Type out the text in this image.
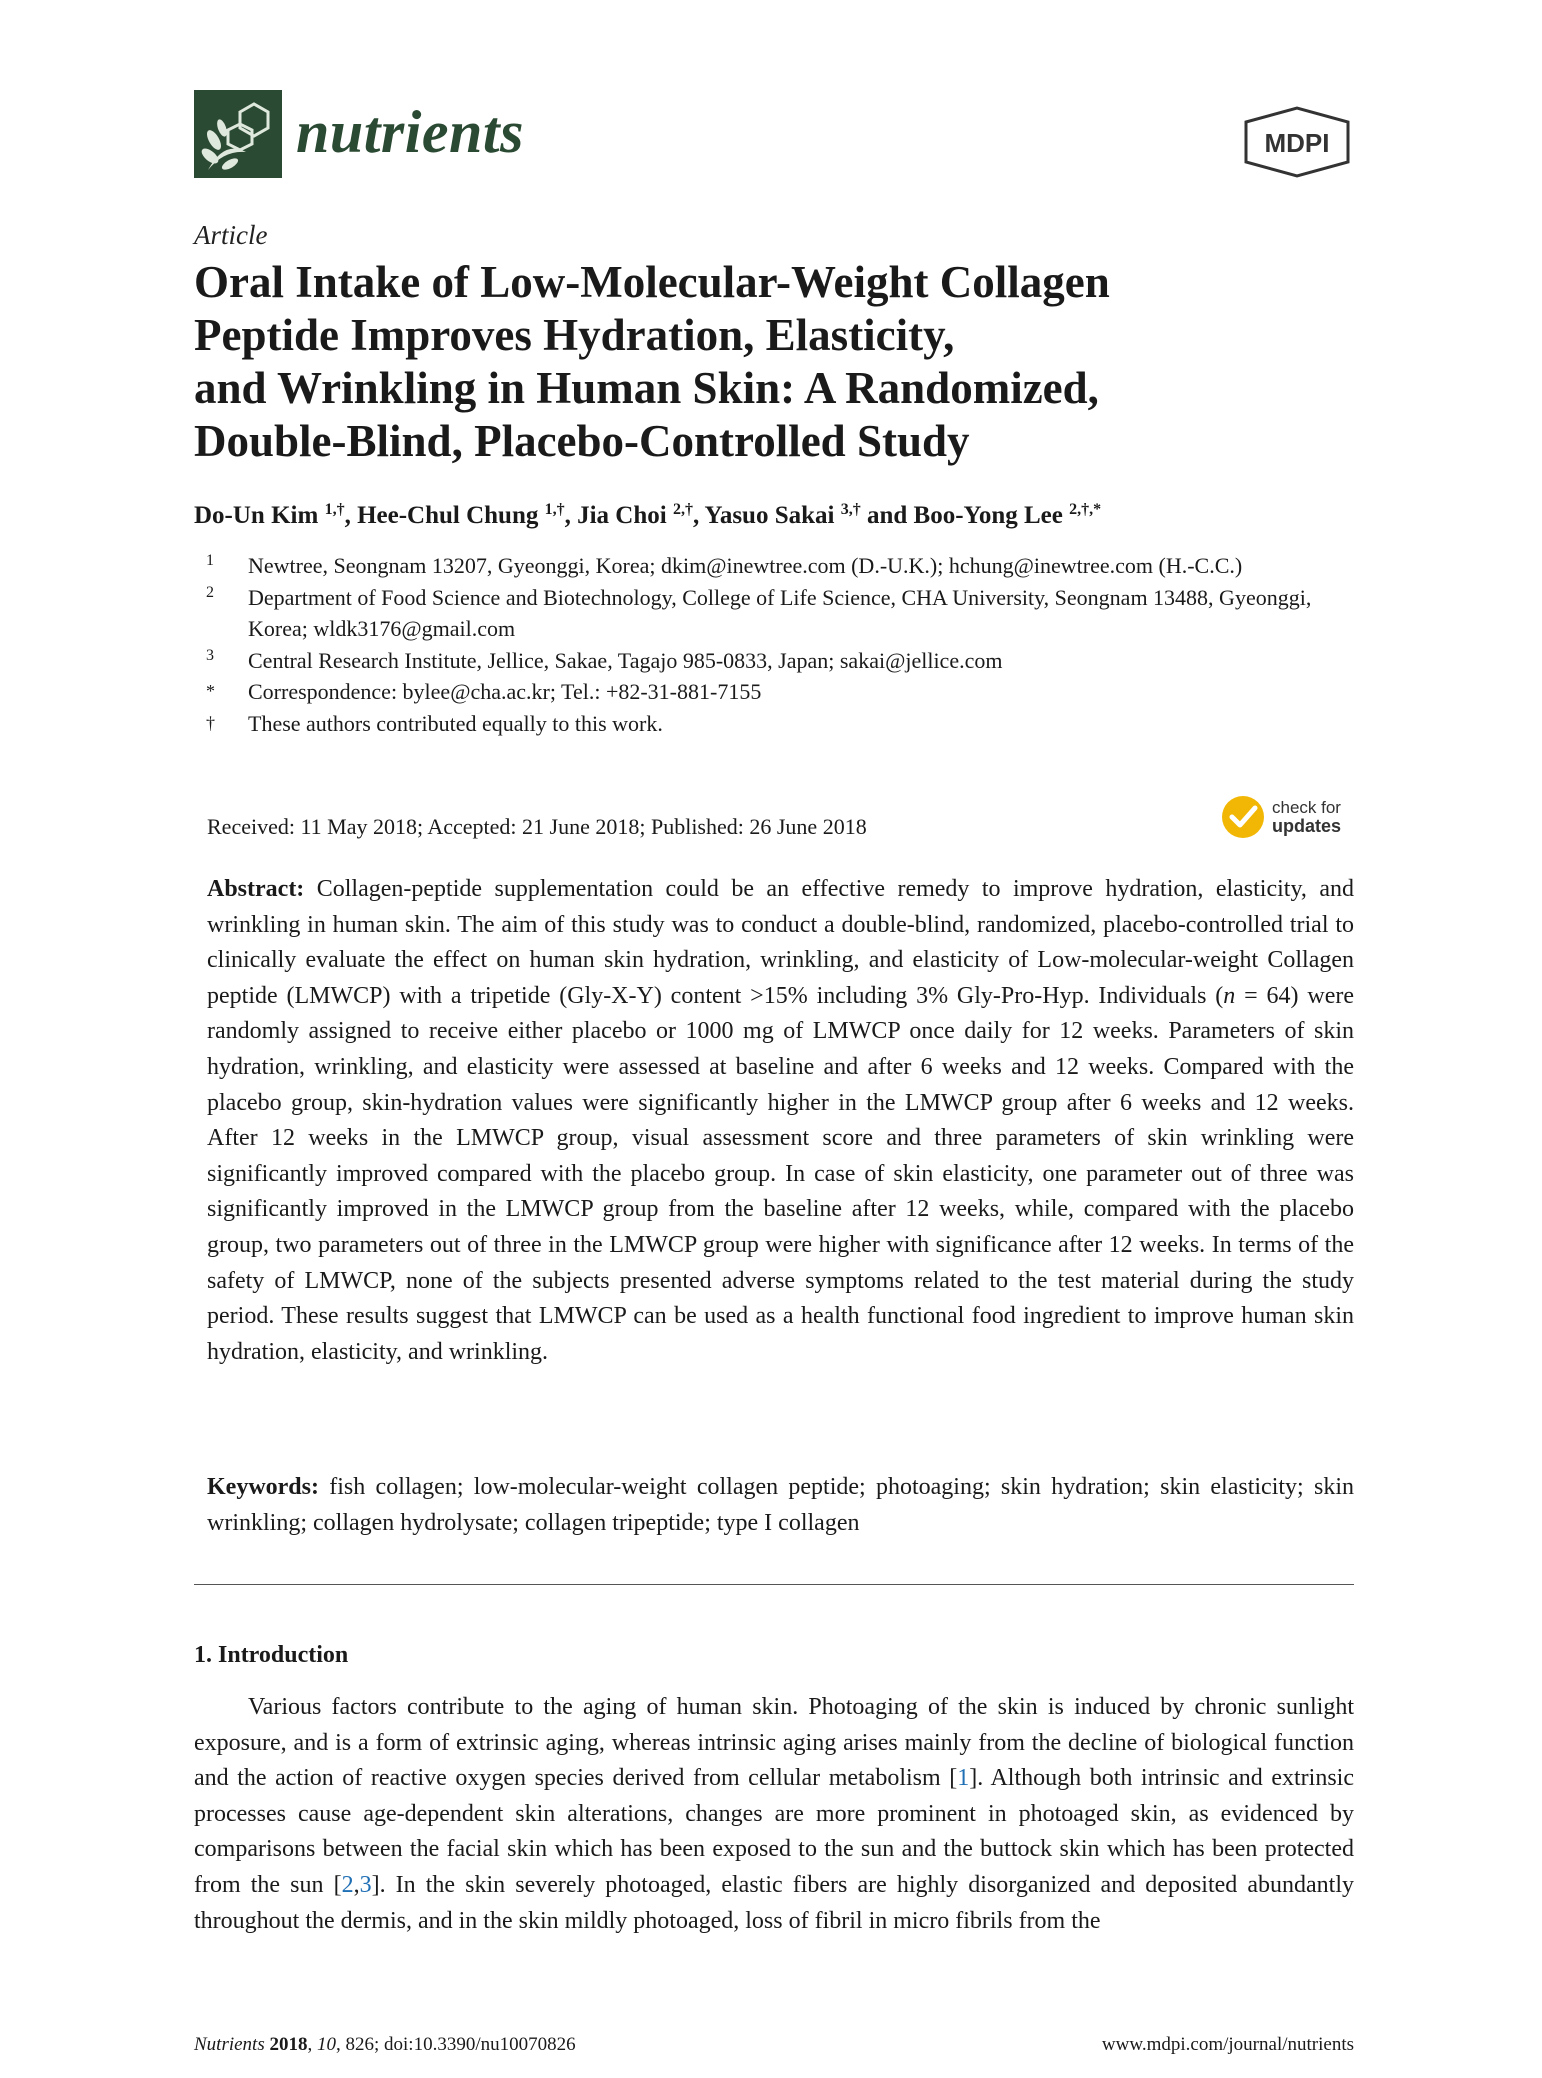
nutrients	MDPI
Article
Oral Intake of Low-Molecular-Weight Collagen
Peptide Improves Hydration, Elasticity,
and Wrinkling in Human Skin: A Randomized,
Double-Blind, Placebo-Controlled Study
Do-Un Kim $^{1,\dagger}$, Hee-Chul Chung $^{1,\dagger}$, Jia Choi $^{2,\dagger}$, Yasuo Sakai $^{3,\dagger}$ and Boo-Yong Lee $^{2,\dagger,*}$
1	Newtree, Seongnam 13207, Gyeonggi, Korea; dkim@inewtree.com (D.-U.K.); hchung@inewtree.com (H.-C.C.)
2	Department of Food Science and Biotechnology, College of Life Science, CHA University, Seongnam 13488, Gyeonggi, Korea; wldk3176@gmail.com
3	Central Research Institute, Jellice, Sakae, Tagajo 985-0833, Japan; sakai@jellice.com
*	Correspondence: bylee@cha.ac.kr; Tel.: +82-31-881-7155
†	These authors contributed equally to this work.
Received: 11 May 2018; Accepted: 21 June 2018; Published: 26 June 2018
check for
updates
Abstract: Collagen-peptide supplementation could be an effective remedy to improve hydration, elasticity, and wrinkling in human skin. The aim of this study was to conduct a double-blind, randomized, placebo-controlled trial to clinically evaluate the effect on human skin hydration, wrinkling, and elasticity of Low-molecular-weight Collagen peptide (LMWCP) with a tripetide (Gly-X-Y) content >15% including 3% Gly-Pro-Hyp. Individuals (n = 64) were randomly assigned to receive either placebo or 1000 mg of LMWCP once daily for 12 weeks. Parameters of skin hydration, wrinkling, and elasticity were assessed at baseline and after 6 weeks and 12 weeks. Compared with the placebo group, skin-hydration values were significantly higher in the LMWCP group after 6 weeks and 12 weeks. After 12 weeks in the LMWCP group, visual assessment score and three parameters of skin wrinkling were significantly improved compared with the placebo group. In case of skin elasticity, one parameter out of three was significantly improved in the LMWCP group from the baseline after 12 weeks, while, compared with the placebo group, two parameters out of three in the LMWCP group were higher with significance after 12 weeks. In terms of the safety of LMWCP, none of the subjects presented adverse symptoms related to the test material during the study period. These results suggest that LMWCP can be used as a health functional food ingredient to improve human skin hydration, elasticity, and wrinkling.
Keywords: fish collagen; low-molecular-weight collagen peptide; photoaging; skin hydration; skin elasticity; skin wrinkling; collagen hydrolysate; collagen tripeptide; type I collagen
1. Introduction
Various factors contribute to the aging of human skin. Photoaging of the skin is induced by chronic sunlight exposure, and is a form of extrinsic aging, whereas intrinsic aging arises mainly from the decline of biological function and the action of reactive oxygen species derived from cellular metabolism [1]. Although both intrinsic and extrinsic processes cause age-dependent skin alterations, changes are more prominent in photoaged skin, as evidenced by comparisons between the facial skin which has been exposed to the sun and the buttock skin which has been protected from the sun [2,3]. In the skin severely photoaged, elastic fibers are highly disorganized and deposited abundantly throughout the dermis, and in the skin mildly photoaged, loss of fibril in micro fibrils from the
Nutrients 2018, 10, 826; doi:10.3390/nu10070826	www.mdpi.com/journal/nutrients
